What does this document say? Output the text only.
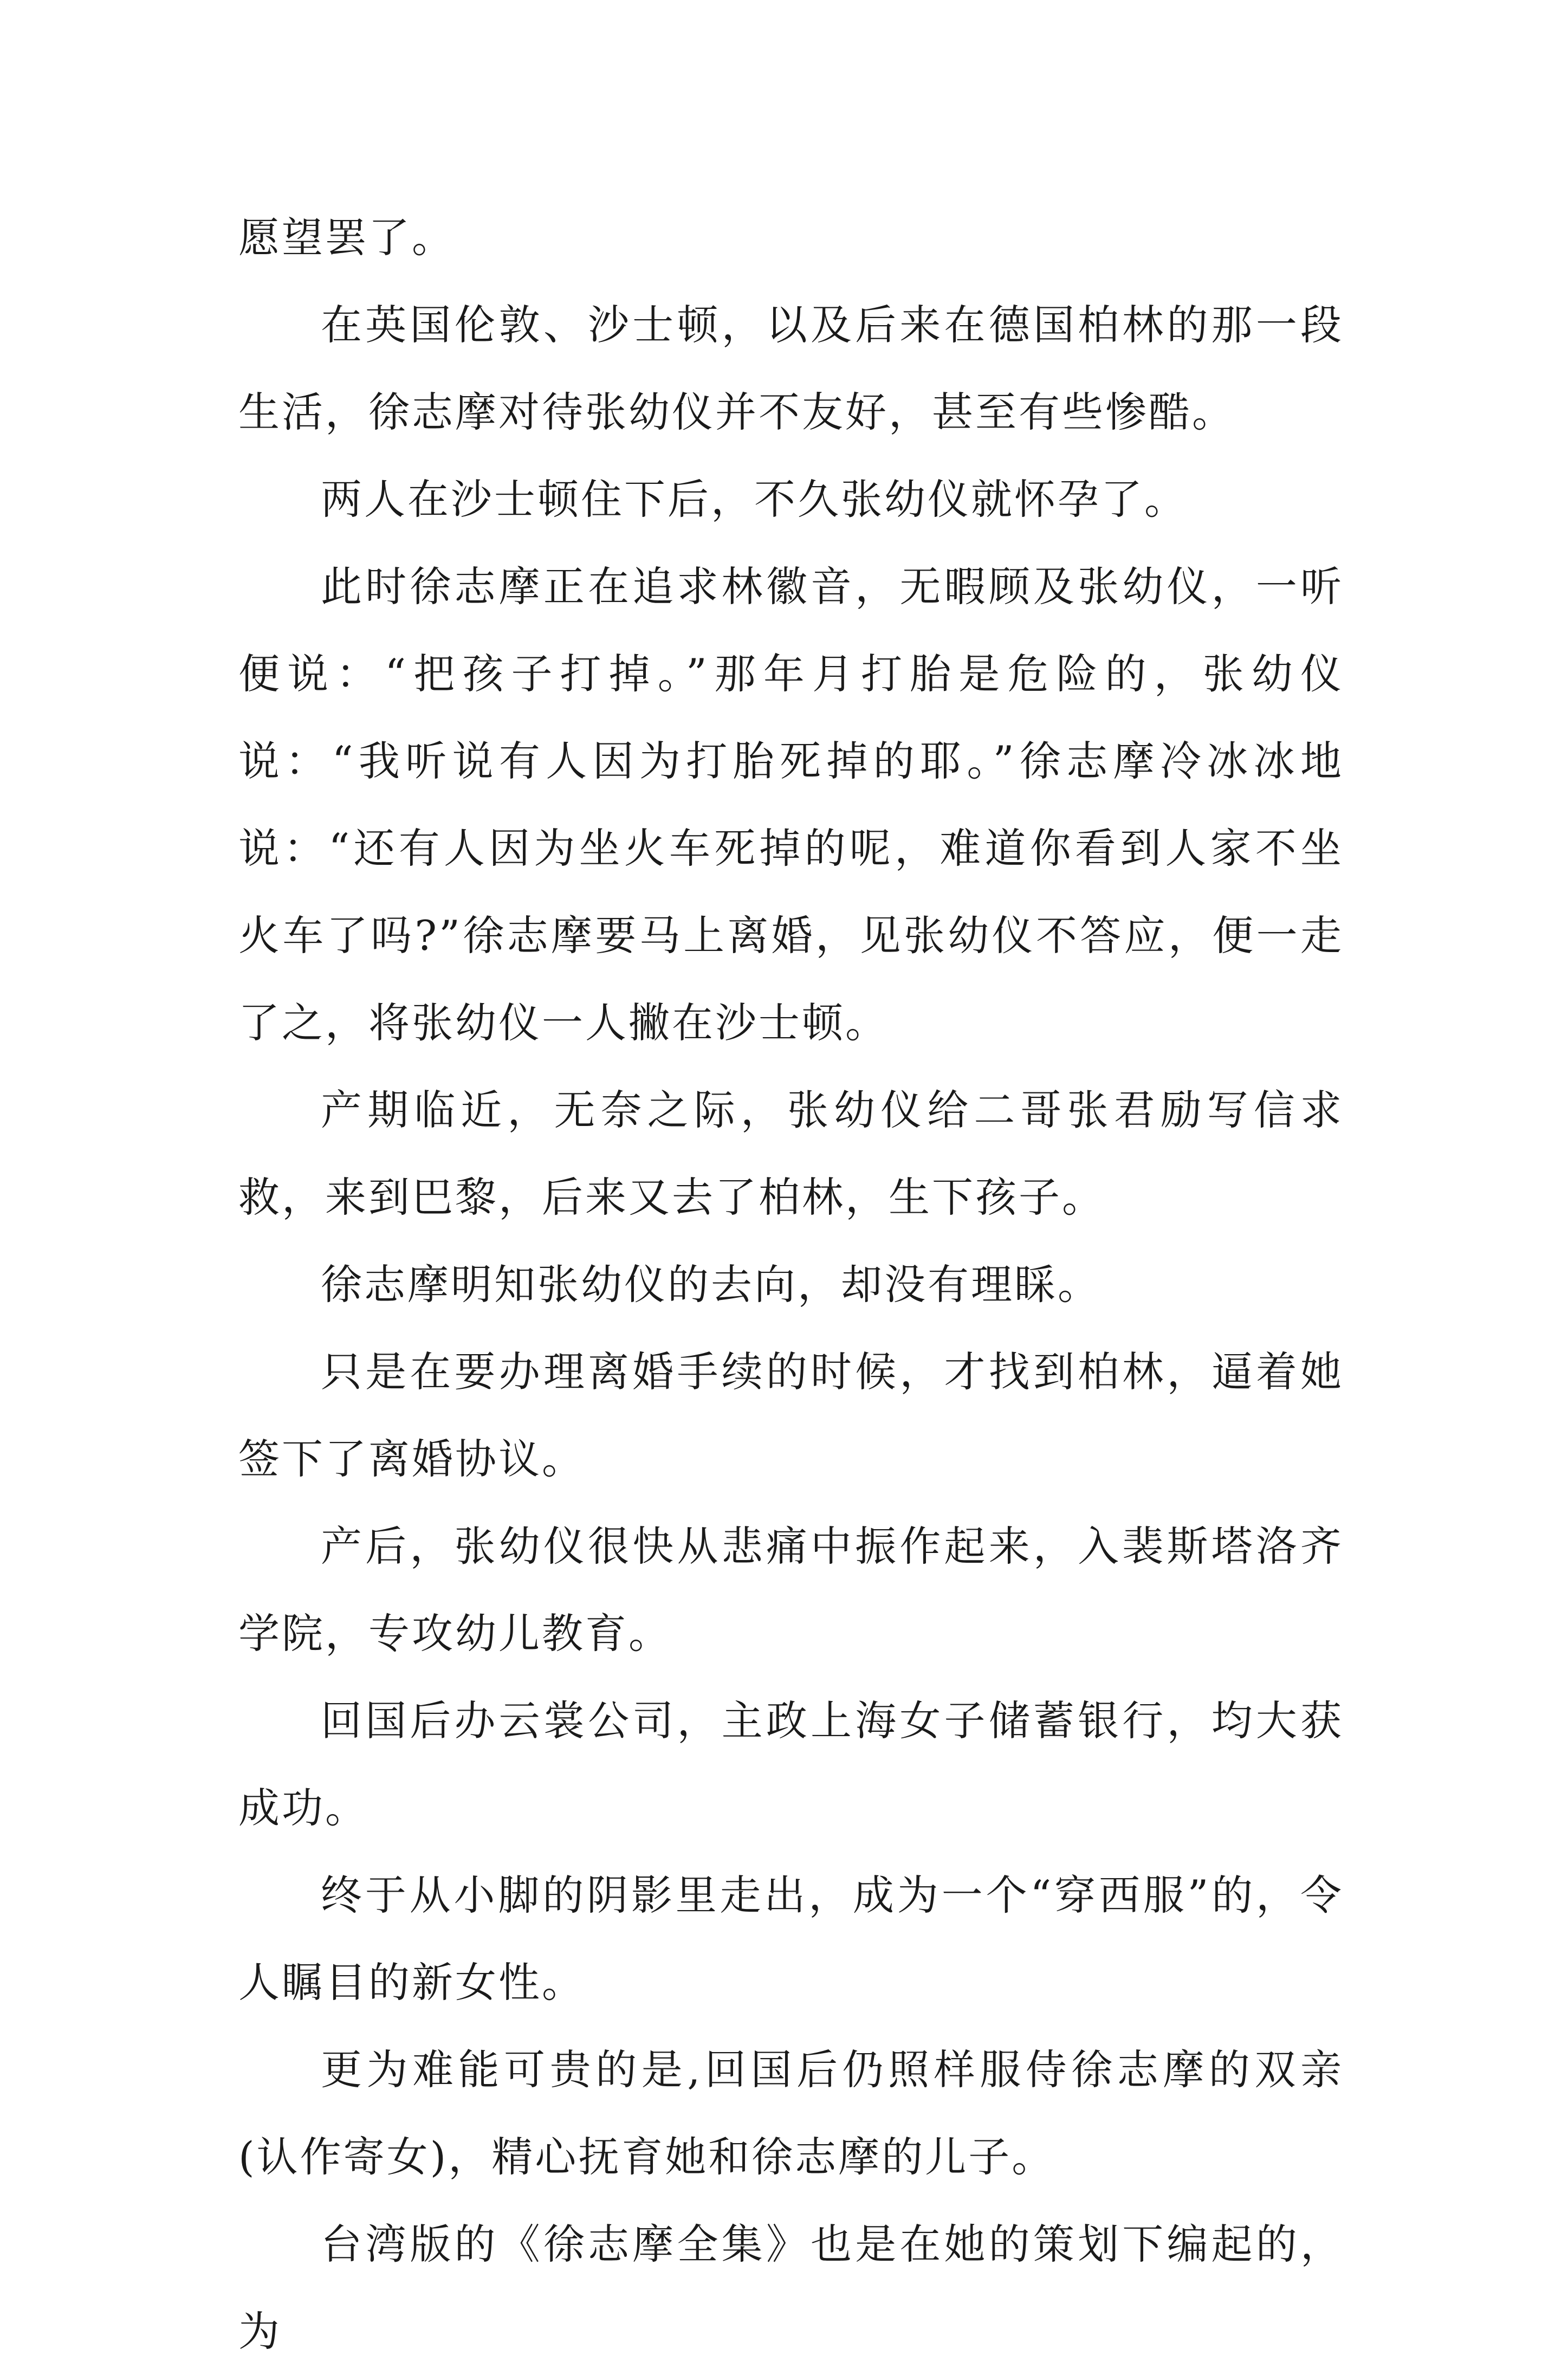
愿望罢了。

在英国伦敦、沙士顿，以及后来在德国柏林的那一段生活，徐志摩对待张幼仪并不友好，甚至有些惨酷。

两人在沙士顿住下后，不久张幼仪就怀孕了。

此时徐志摩正在追求林徽音，无暇顾及张幼仪，一听便说：“把孩子打掉。”那年月打胎是危险的，张幼仪说：“我听说有人因为打胎死掉的耶。”徐志摩冷冰冰地说：“还有人因为坐火车死掉的呢，难道你看到人家不坐火车了吗?”徐志摩要马上离婚，见张幼仪不答应，便一走了之，将张幼仪一人撇在沙士顿。

产期临近，无奈之际，张幼仪给二哥张君励写信求救，来到巴黎，后来又去了柏林，生下孩子。

徐志摩明知张幼仪的去向，却没有理睬。

只是在要办理离婚手续的时候，才找到柏林，逼着她签下了离婚协议。

产后，张幼仪很快从悲痛中振作起来，入裴斯塔洛齐学院，专攻幼儿教育。

回国后办云裳公司，主政上海女子储蓄银行，均大获成功。

终于从小脚的阴影里走出，成为一个“穿西服”的，令人瞩目的新女性。

更为难能可贵的是,回国后仍照样服侍徐志摩的双亲(认作寄女)，精心抚育她和徐志摩的儿子。

台湾版的《徐志摩全集》也是在她的策划下编起的，为
